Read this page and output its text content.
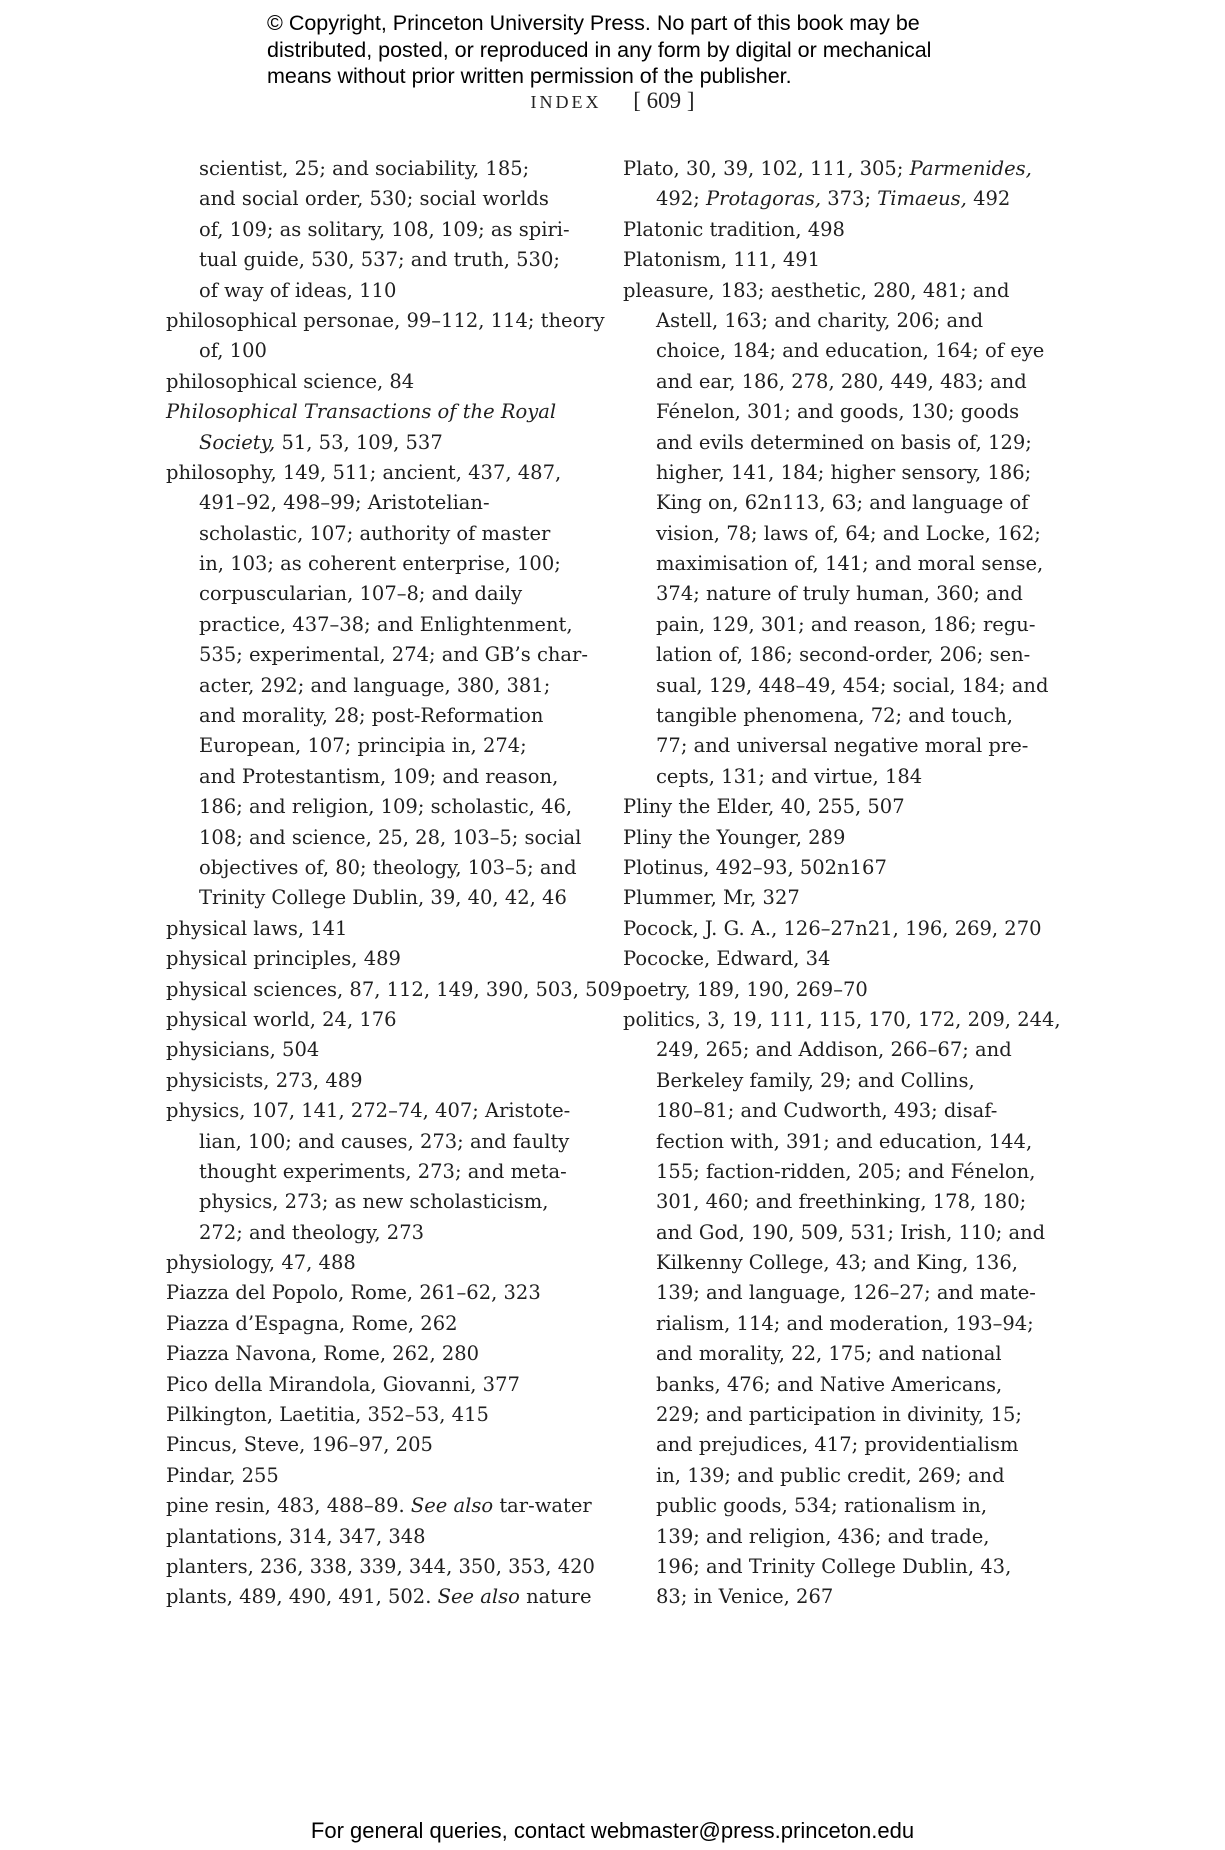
© Copyright, Princeton University Press. No part of this book may be
distributed, posted, or reproduced in any form by digital or mechanical
means without prior written permission of the publisher.
INDEX [ 609 ]
scientist, 25; and sociability, 185;
and social order, 530; social worlds
of, 109; as solitary, 108, 109; as spiri-
tual guide, 530, 537; and truth, 530;
of way of ideas, 110
philosophical personae, 99–112, 114; theory
of, 100
philosophical science, 84
Philosophical Transactions of the Royal
Society, 51, 53, 109, 537
philosophy, 149, 511; ancient, 437, 487,
491–92, 498–99; Aristotelian-
scholastic, 107; authority of master
in, 103; as coherent enterprise, 100;
corpuscularian, 107–8; and daily
practice, 437–38; and Enlightenment,
535; experimental, 274; and GB’s char-
acter, 292; and language, 380, 381;
and morality, 28; post-Reformation
European, 107; principia in, 274;
and Protestantism, 109; and reason,
186; and religion, 109; scholastic, 46,
108; and science, 25, 28, 103–5; social
objectives of, 80; theology, 103–5; and
Trinity College Dublin, 39, 40, 42, 46
physical laws, 141
physical principles, 489
physical sciences, 87, 112, 149, 390, 503, 509
physical world, 24, 176
physicians, 504
physicists, 273, 489
physics, 107, 141, 272–74, 407; Aristote-
lian, 100; and causes, 273; and faulty
thought experiments, 273; and meta-
physics, 273; as new scholasticism,
272; and theology, 273
physiology, 47, 488
Piazza del Popolo, Rome, 261–62, 323
Piazza d’Espagna, Rome, 262
Piazza Navona, Rome, 262, 280
Pico della Mirandola, Giovanni, 377
Pilkington, Laetitia, 352–53, 415
Pincus, Steve, 196–97, 205
Pindar, 255
pine resin, 483, 488–89. See also tar-water
plantations, 314, 347, 348
planters, 236, 338, 339, 344, 350, 353, 420
plants, 489, 490, 491, 502. See also nature
Plato, 30, 39, 102, 111, 305; Parmenides,
492; Protagoras, 373; Timaeus, 492
Platonic tradition, 498
Platonism, 111, 491
pleasure, 183; aesthetic, 280, 481; and
Astell, 163; and charity, 206; and
choice, 184; and education, 164; of eye
and ear, 186, 278, 280, 449, 483; and
Fénelon, 301; and goods, 130; goods
and evils determined on basis of, 129;
higher, 141, 184; higher sensory, 186;
King on, 62n113, 63; and language of
vision, 78; laws of, 64; and Locke, 162;
maximisation of, 141; and moral sense,
374; nature of truly human, 360; and
pain, 129, 301; and reason, 186; regu-
lation of, 186; second-order, 206; sen-
sual, 129, 448–49, 454; social, 184; and
tangible phenomena, 72; and touch,
77; and universal negative moral pre-
cepts, 131; and virtue, 184
Pliny the Elder, 40, 255, 507
Pliny the Younger, 289
Plotinus, 492–93, 502n167
Plummer, Mr, 327
Pocock, J. G. A., 126–27n21, 196, 269, 270
Pococke, Edward, 34
poetry, 189, 190, 269–70
politics, 3, 19, 111, 115, 170, 172, 209, 244,
249, 265; and Addison, 266–67; and
Berkeley family, 29; and Collins,
180–81; and Cudworth, 493; disaf-
fection with, 391; and education, 144,
155; faction-ridden, 205; and Fénelon,
301, 460; and freethinking, 178, 180;
and God, 190, 509, 531; Irish, 110; and
Kilkenny College, 43; and King, 136,
139; and language, 126–27; and mate-
rialism, 114; and moderation, 193–94;
and morality, 22, 175; and national
banks, 476; and Native Americans,
229; and participation in divinity, 15;
and prejudices, 417; providentialism
in, 139; and public credit, 269; and
public goods, 534; rationalism in,
139; and religion, 436; and trade,
196; and Trinity College Dublin, 43,
83; in Venice, 267
For general queries, contact webmaster@press.princeton.edu
